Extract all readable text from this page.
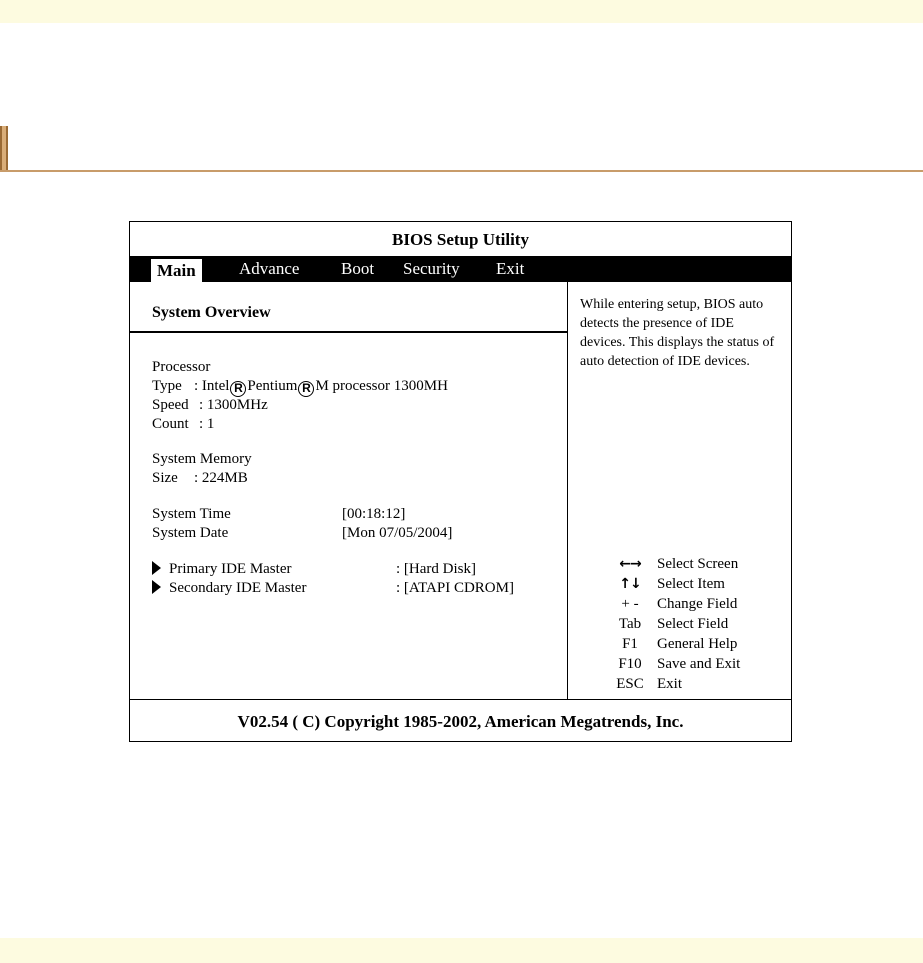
BIOS Setup Utility
Main	Advance Boot Security Exit
System Overview
Processor
Type : Intel R Pentium R M processor 1300MH
Speed : 1300MHz
Count : 1
System Memory
Size : 224MB
System Time	[00:18:12]
System Date	[Mon 07/05/2004]
Primary IDE Master	: [Hard Disk]
Secondary IDE Master	: [ATAPI CDROM]
While entering setup, BIOS auto detects the presence of IDE devices. This displays the status of auto detection of IDE devices.
←→	Select Screen
↑↓	Select Item
+ -	Change Field
Tab	Select Field
F1	General Help
F10	Save and Exit
ESC Exit
V02.54 ( C) Copyright 1985-2002, American Megatrends, Inc.
